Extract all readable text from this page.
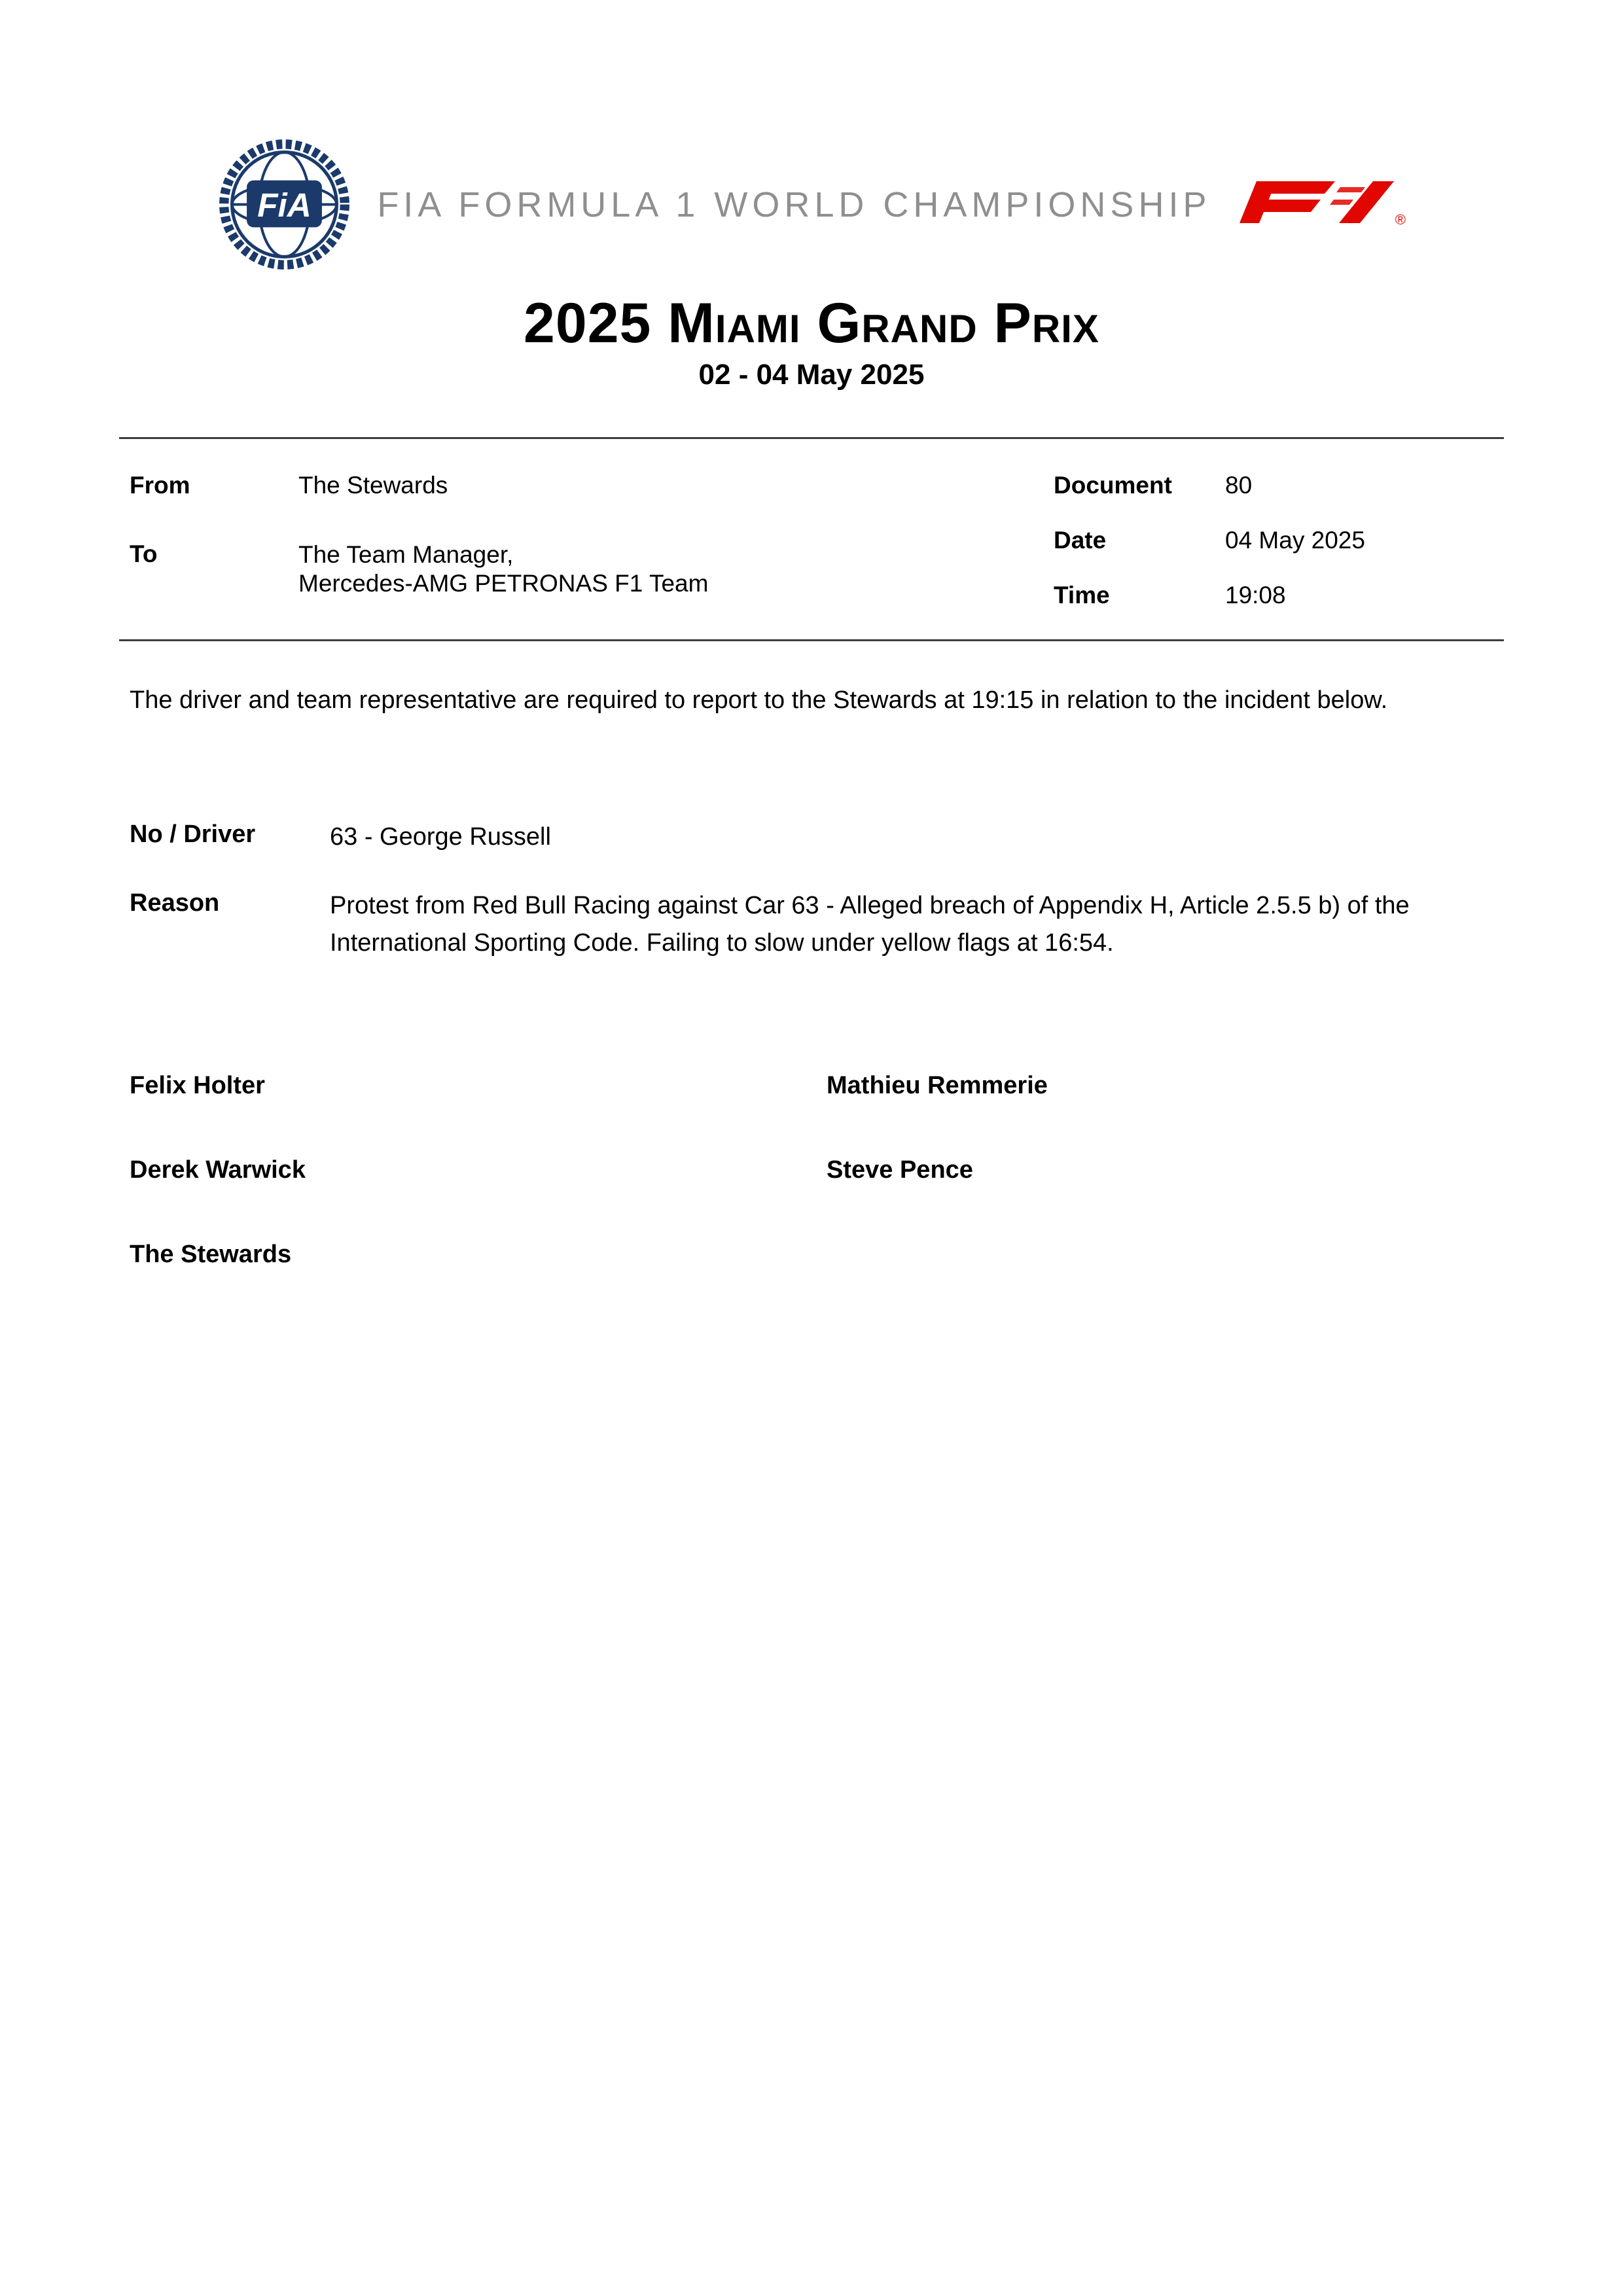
FiA	FIA FORMULA 1 WORLD CHAMPIONSHIP	®
2025 Miami Grand Prix
02 - 04 May 2025
From	The Stewards
To	The Team Manager,
Mercedes-AMG PETRONAS F1 Team
Document	80
Date	04 May 2025
Time	19:08

The driver and team representative are required to report to the Stewards at 19:15 in relation to the incident below.

No / Driver	63 - George Russell
Reason	Protest from Red Bull Racing against Car 63 - Alleged breach of Appendix H, Article 2.5.5 b) of the International Sporting Code. Failing to slow under yellow flags at 16:54.
Felix Holter	Mathieu Remmerie
Derek Warwick	Steve Pence
The Stewards
